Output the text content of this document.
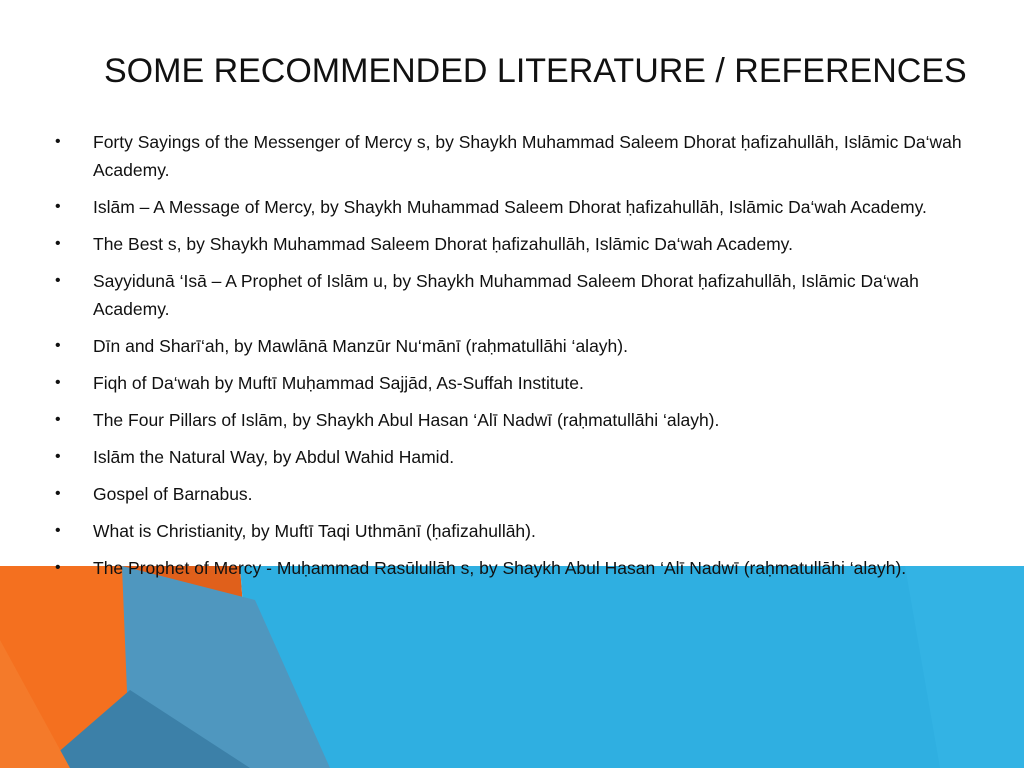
SOME RECOMMENDED LITERATURE / REFERENCES
• Forty Sayings of the Messenger of Mercy s, by Shaykh Muhammad Saleem Dhorat ḥafizahullāh, Islāmic Da‘wah Academy.
• Islām – A Message of Mercy, by Shaykh Muhammad Saleem Dhorat ḥafizahullāh, Islāmic Da‘wah Academy.
• The Best s, by Shaykh Muhammad Saleem Dhorat ḥafizahullāh, Islāmic Da‘wah Academy.
• Sayyidunā ‘Isā – A Prophet of Islām u, by Shaykh Muhammad Saleem Dhorat ḥafizahullāh, Islāmic Da‘wah Academy.
• Dīn and Sharī‘ah, by Mawlānā Manzūr Nu‘mānī (raḥmatullāhi ‘alayh).
• Fiqh of Da‘wah by Muftī Muḥammad Sajjād, As-Suffah Institute.
• The Four Pillars of Islām, by Shaykh Abul Hasan ‘Alī Nadwī (raḥmatullāhi ‘alayh).
• Islām the Natural Way, by Abdul Wahid Hamid.
• Gospel of Barnabus.
• What is Christianity, by Muftī Taqi Uthmānī (ḥafizahullāh).
• The Prophet of Mercy - Muḥammad Rasūlullāh s, by Shaykh Abul Hasan ‘Alī Nadwī (raḥmatullāhi ‘alayh).
